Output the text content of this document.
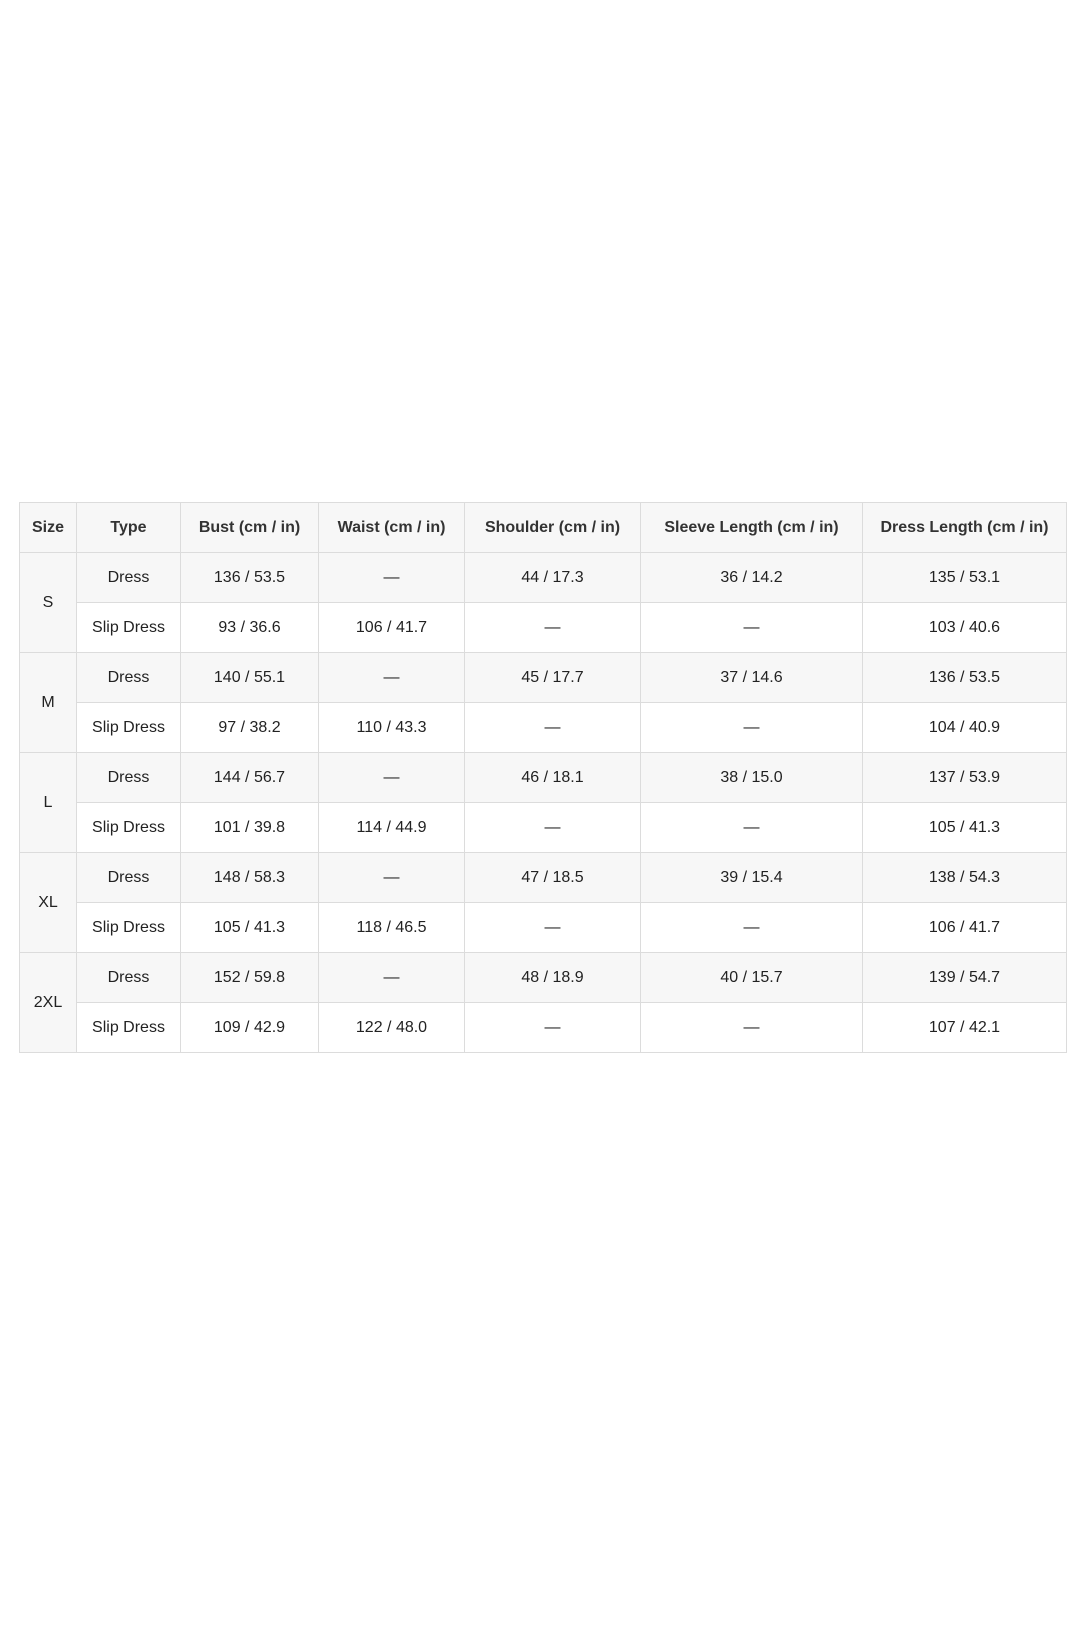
Size	Type	Bust (cm / in)	Waist (cm / in)	Shoulder (cm / in)	Sleeve Length (cm / in)	Dress Length (cm / in)
S	Dress	136 / 53.5	—	44 / 17.3	36 / 14.2	135 / 53.1
	Slip Dress	93 / 36.6	106 / 41.7	—	—	103 / 40.6
M	Dress	140 / 55.1	—	45 / 17.7	37 / 14.6	136 / 53.5
	Slip Dress	97 / 38.2	110 / 43.3	—	—	104 / 40.9
L	Dress	144 / 56.7	—	46 / 18.1	38 / 15.0	137 / 53.9
	Slip Dress	101 / 39.8	114 / 44.9	—	—	105 / 41.3
XL	Dress	148 / 58.3	—	47 / 18.5	39 / 15.4	138 / 54.3
	Slip Dress	105 / 41.3	118 / 46.5	—	—	106 / 41.7
2XL	Dress	152 / 59.8	—	48 / 18.9	40 / 15.7	139 / 54.7
	Slip Dress	109 / 42.9	122 / 48.0	—	—	107 / 42.1
